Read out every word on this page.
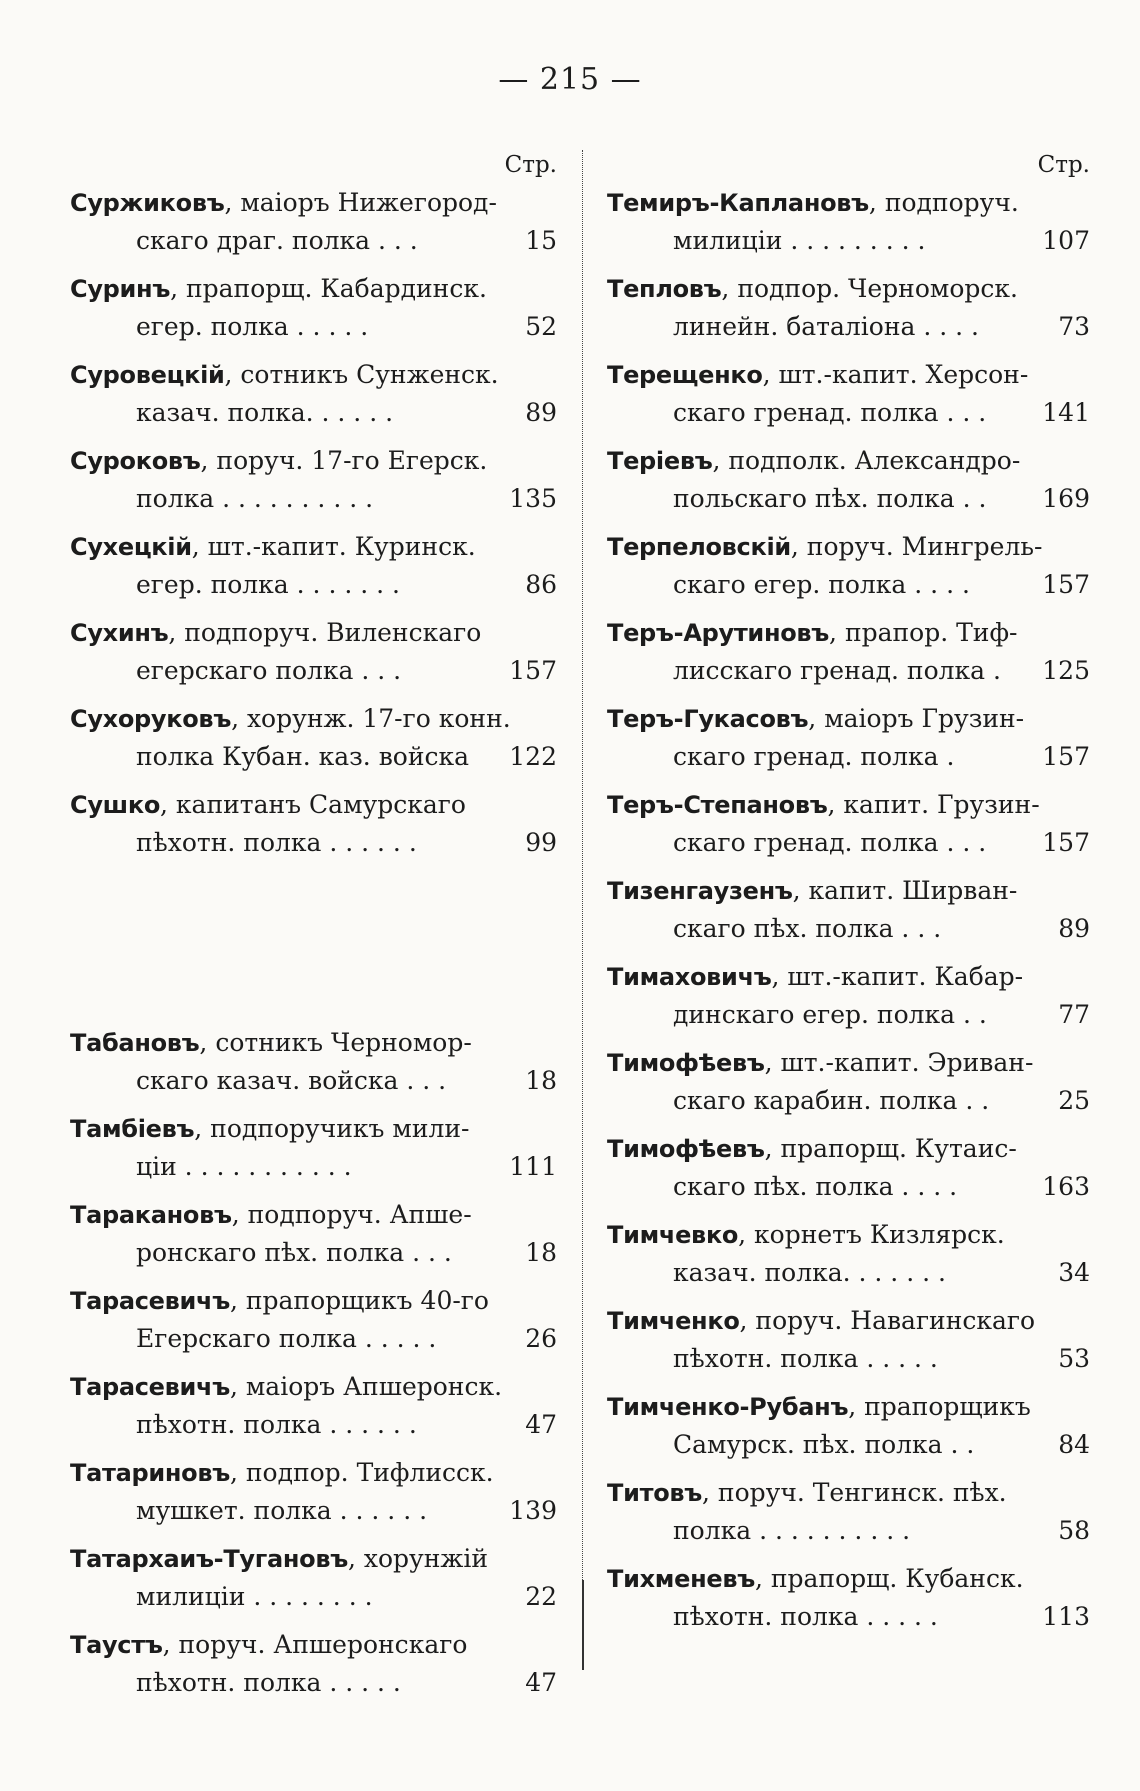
— 215 —
Стр.
Суржиковъ, маіоръ Нижегород-
скаго драг. полка . . .	15
Суринъ, прапорщ. Кабардинск.
егер. полка . . . . .	52
Суровецкій, сотникъ Сунженск.
казач. полка. . . . . .	89
Суроковъ, поруч. 17-го Егерск.
полка . . . . . . . . . .	135
Сухецкій, шт.-капит. Куринск.
егер. полка . . . . . . .	86
Сухинъ, подпоруч. Виленскаго
егерскаго полка . . .	157
Сухоруковъ, хорунж. 17-го конн.
полка Кубан. каз. войска	122
Сушко, капитанъ Самурскаго
пѣхотн. полка . . . . . .	99
Табановъ, сотникъ Черномор-
скаго казач. войска . . .	18
Тамбіевъ, подпоручикъ мили-
ціи . . . . . . . . . . .	111
Таракановъ, подпоруч. Апше-
ронскаго пѣх. полка . . .	18
Тарасевичъ, прапорщикъ 40-го
Егерскаго полка . . . . .	26
Тарасевичъ, маіоръ Апшеронск.
пѣхотн. полка . . . . . .	47
Татариновъ, подпор. Тифлисск.
мушкет. полка . . . . . .	139
Татархаиъ-Тугановъ, хорунжій
милиціи . . . . . . . .	22
Таустъ, поруч. Апшеронскаго
пѣхотн. полка . . . . .	47
Стр.
Темиръ-Каплановъ, подпоруч.
милиціи . . . . . . . . .	107
Тепловъ, подпор. Черноморск.
линейн. баталіона . . . .	73
Терещенко, шт.-капит. Херсон-
скаго гренад. полка . . .	141
Теріевъ, подполк. Александро-
польскаго пѣх. полка . .	169
Терпеловскій, поруч. Мингрель-
скаго егер. полка . . . .	157
Теръ-Арутиновъ, прапор. Тиф-
лисскаго гренад. полка .	125
Теръ-Гукасовъ, маіоръ Грузин-
скаго гренад. полка .	157
Теръ-Степановъ, капит. Грузин-
скаго гренад. полка . . .	157
Тизенгаузенъ, капит. Ширван-
скаго пѣх. полка . . .	89
Тимаховичъ, шт.-капит. Кабар-
динскаго егер. полка . .	77
Тимофѣевъ, шт.-капит. Эриван-
скаго карабин. полка . .	25
Тимофѣевъ, прапорщ. Кутаис-
скаго пѣх. полка . . . .	163
Тимчевко, корнетъ Кизлярск.
казач. полка. . . . . . .	34
Тимченко, поруч. Навагинскаго
пѣхотн. полка . . . . .	53
Тимченко-Рубанъ, прапорщикъ
Самурск. пѣх. полка . .	84
Титовъ, поруч. Тенгинск. пѣх.
полка . . . . . . . . . .	58
Тихменевъ, прапорщ. Кубанск.
пѣхотн. полка . . . . .	113
